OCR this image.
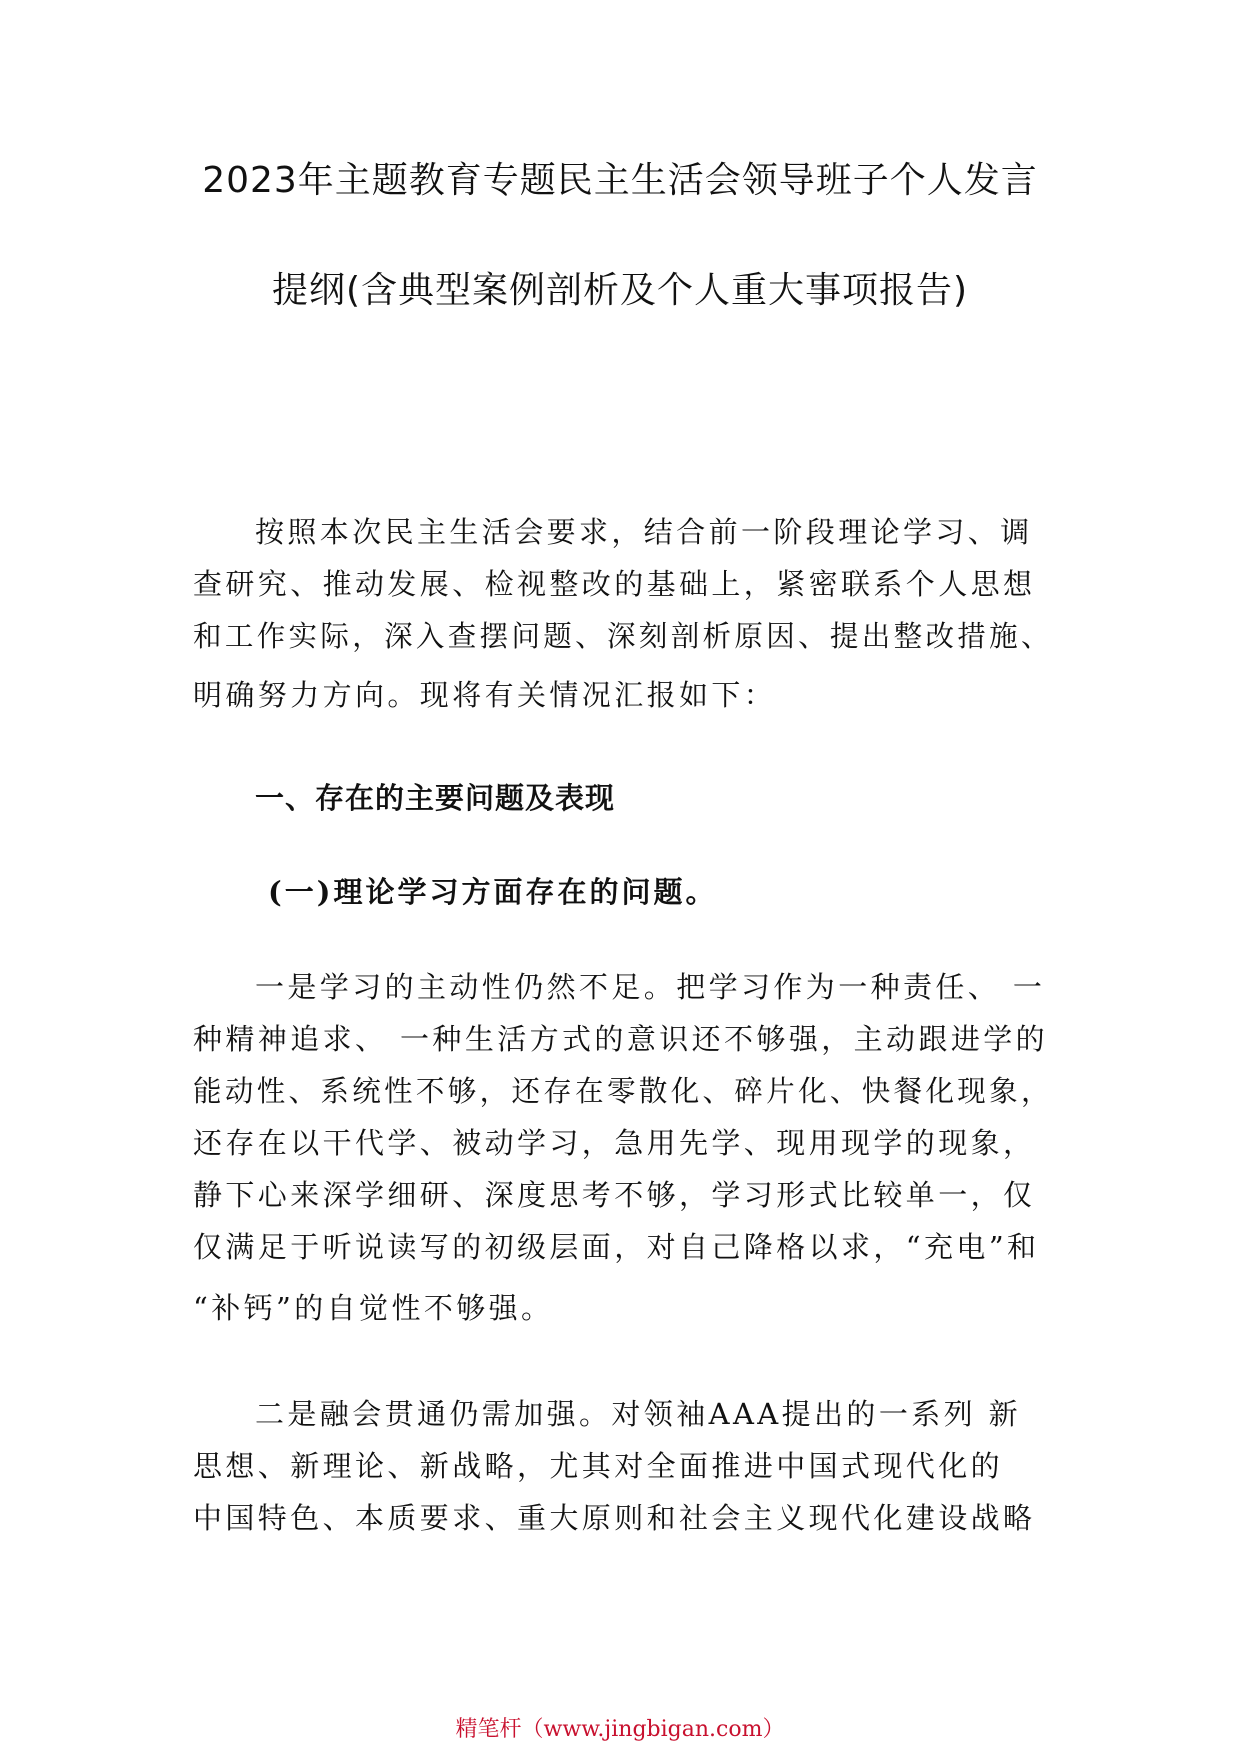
2023年主题教育专题民主生活会领导班子个人发言
提纲(含典型案例剖析及个人重大事项报告)
按照本次民主生活会要求，结合前一阶段理论学习、调
查研究、推动发展、检视整改的基础上，紧密联系个人思想
和工作实际，深入查摆问题、深刻剖析原因、提出整改措施、
明确努力方向。现将有关情况汇报如下：
一、存在的主要问题及表现
(一)理论学习方面存在的问题。
一是学习的主动性仍然不足。把学习作为一种责任、 一
种精神追求、 一种生活方式的意识还不够强，主动跟进学的
能动性、系统性不够，还存在零散化、碎片化、快餐化现象，
还存在以干代学、被动学习，急用先学、现用现学的现象，
静下心来深学细研、深度思考不够，学习形式比较单一，仅
仅满足于听说读写的初级层面，对自己降格以求，“充电”和
“补钙”的自觉性不够强。
二是融会贯通仍需加强。对领袖AAA提出的一系列 新
思想、新理论、新战略，尤其对全面推进中国式现代化的
中国特色、本质要求、重大原则和社会主义现代化建设战略
精笔杆（www.jingbigan.com）
